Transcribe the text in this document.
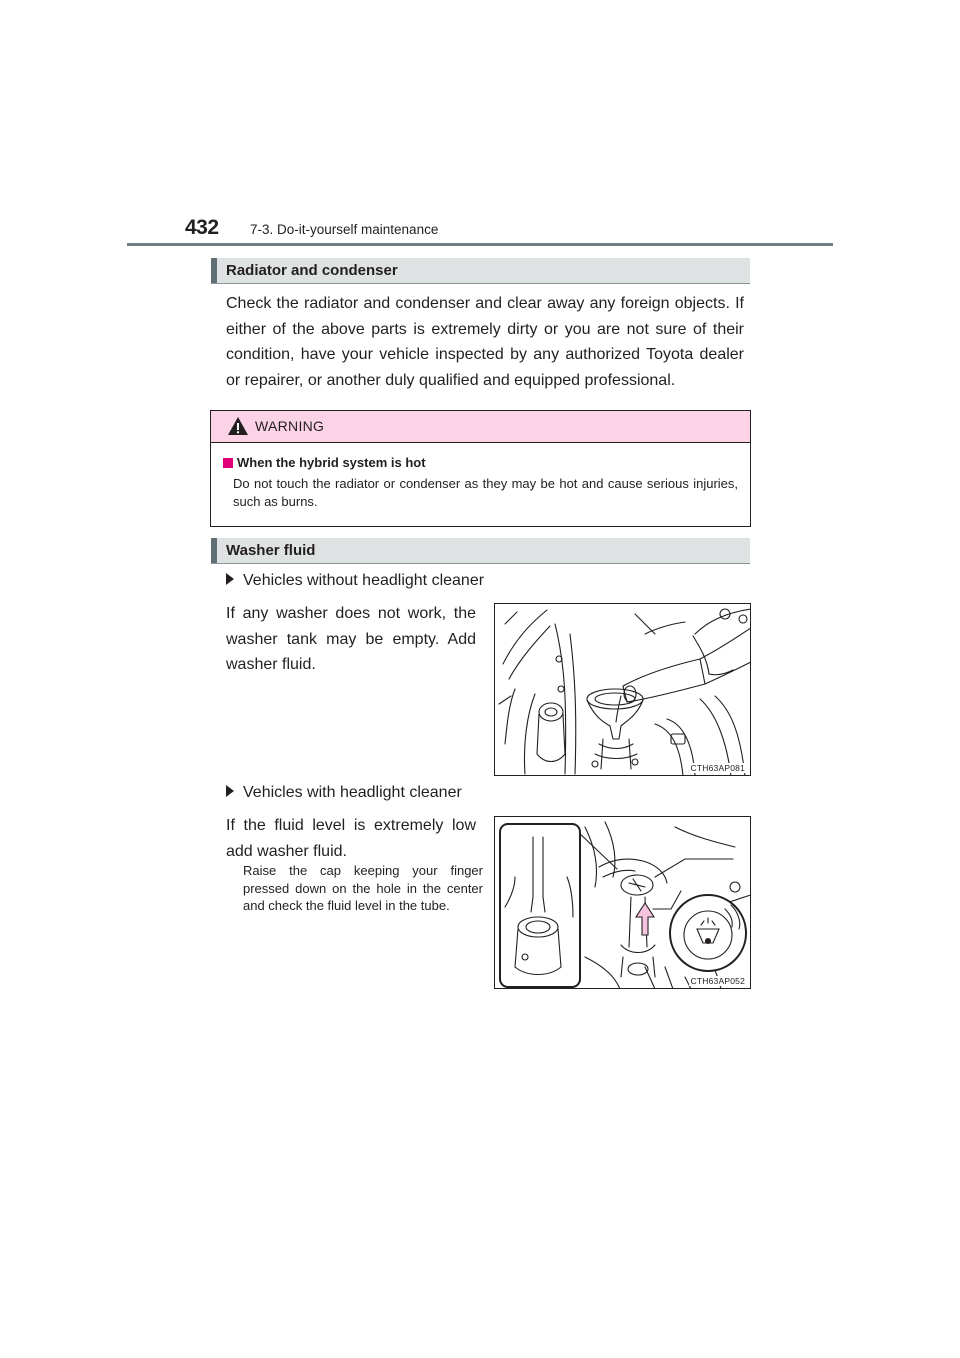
432 7-3. Do-it-yourself maintenance
Radiator and condenser
Check the radiator and condenser and clear away any foreign objects. If either of the above parts is extremely dirty or you are not sure of their condition, have your vehicle inspected by any authorized Toyota dealer or repairer, or another duly qualified and equipped professional.
WARNING
When the hybrid system is hot
Do not touch the radiator or condenser as they may be hot and cause serious injuries, such as burns.
Washer fluid
Vehicles without headlight cleaner
If any washer does not work, the washer tank may be empty. Add washer fluid.
CTH63AP081
Vehicles with headlight cleaner
If the fluid level is extremely low add washer fluid.
Raise the cap keeping your finger pressed down on the hole in the center and check the fluid level in the tube.
CTH63AP052
